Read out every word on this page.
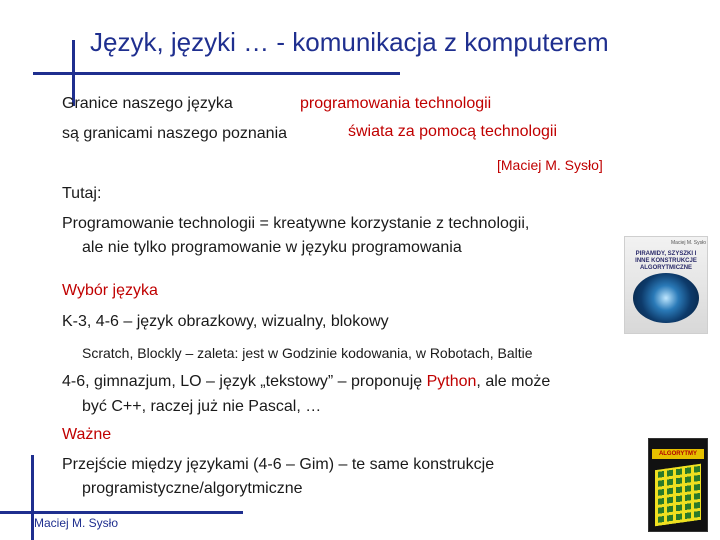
Język, języki … - komunikacja z komputerem
Granice naszego języka	programowania technologii
są granicami naszego poznania	świata za pomocą technologii
[Maciej M. Sysło]
Tutaj:
Programowanie technologii = kreatywne korzystanie z technologii,
ale nie tylko programowanie w języku programowania
Wybór języka
K-3, 4-6 – język obrazkowy, wizualny, blokowy
Scratch, Blockly – zaleta: jest w Godzinie kodowania, w Robotach, Baltie
4-6, gimnazjum, LO – język „tekstowy” – proponuję Python, ale może
być C++, raczej już nie Pascal, …
Ważne
Przejście między językami (4-6 – Gim) – te same konstrukcje
programistyczne/algorytmiczne
Maciej M. Sysło
Maciej M. Sysło
PIRAMIDY, SZYSZKI I INNE KONSTRUKCJE ALGORYTMICZNE
ALGORYTMY
